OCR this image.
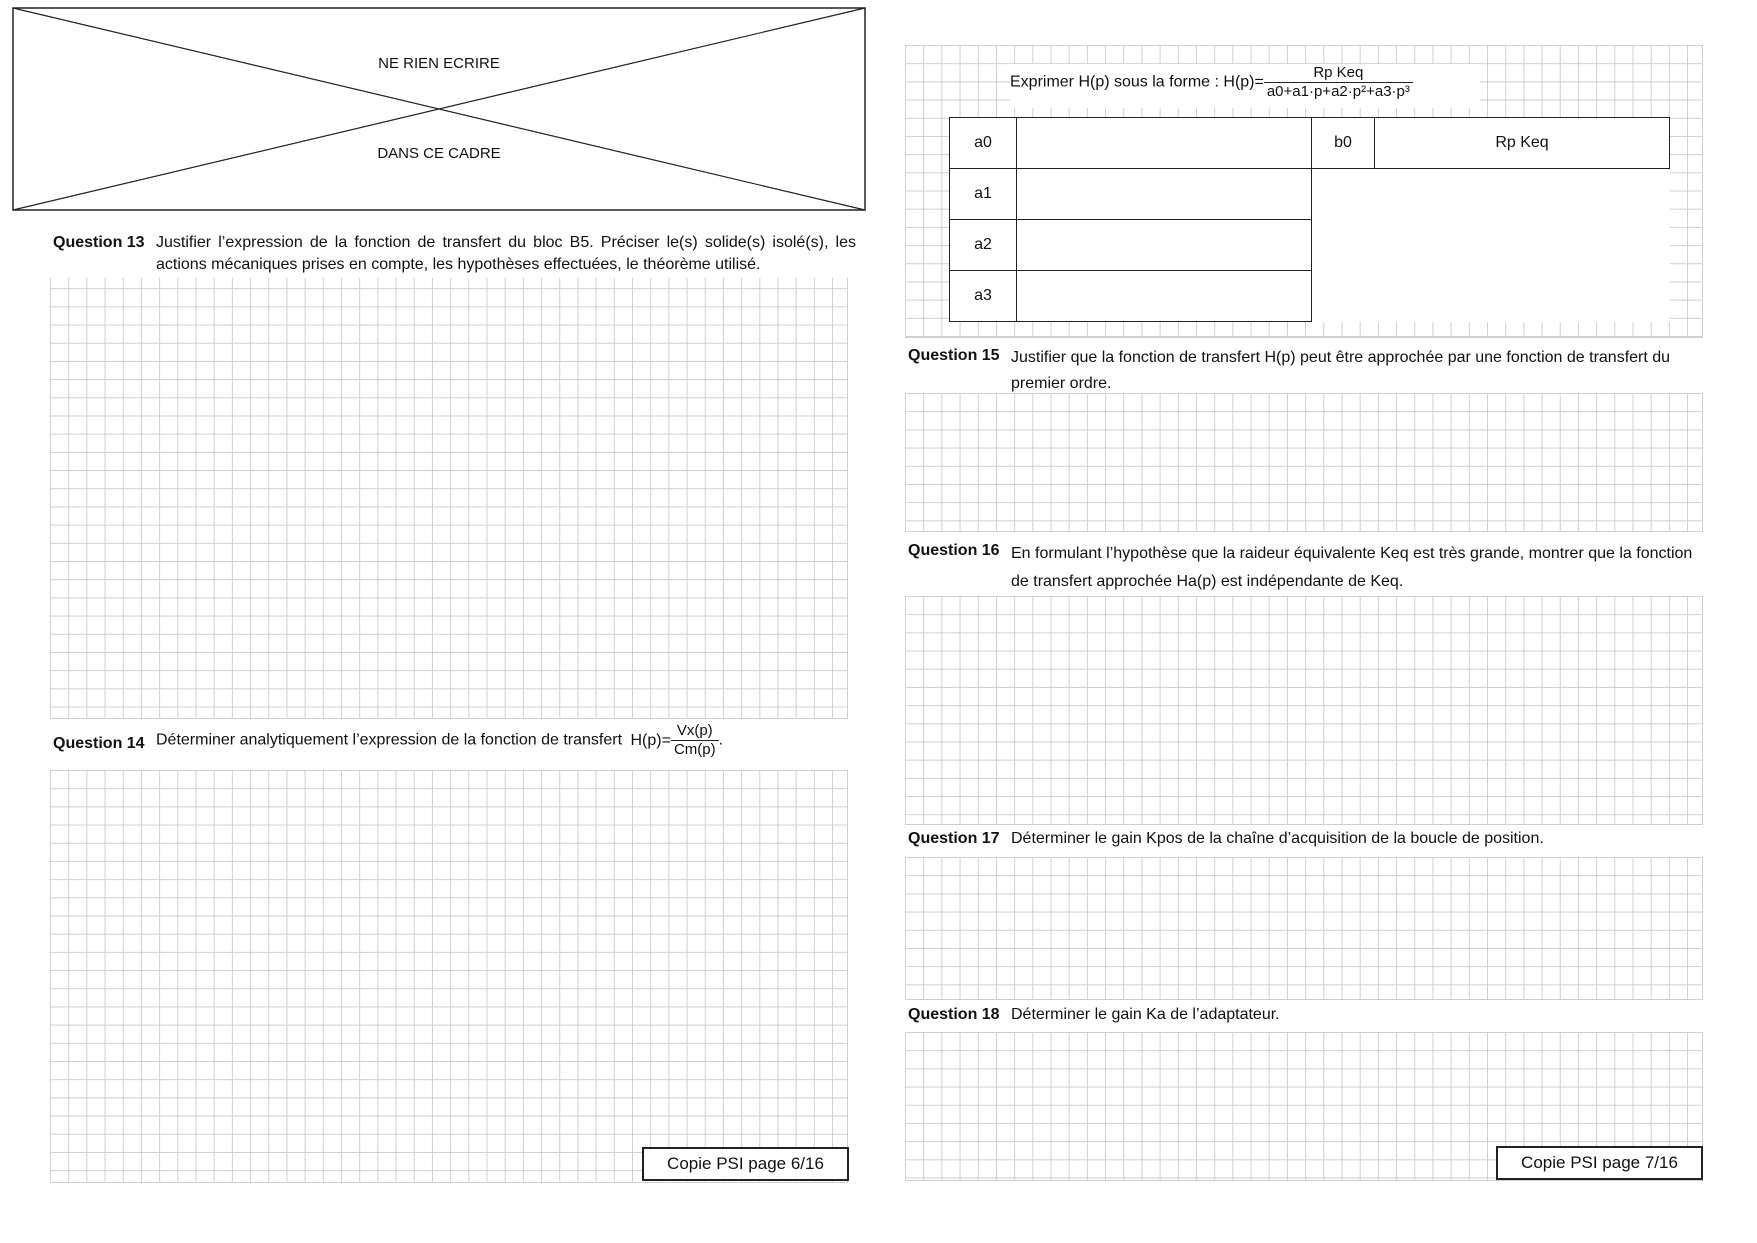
NE RIEN ECRIRE
DANS CE CADRE
Question 13 Justifier l’expression de la fonction de transfert du bloc B5. Préciser le(s) solide(s) isolé(s), les actions mécaniques prises en compte, les hypothèses effectuées, le théorème utilisé.
Question 14 Déterminer analytiquement l’expression de la fonction de transfert $H(p)= \frac{Vx(p)}{Cm(p)}$ .
Copie PSI page 6/16
Exprimer H(p) sous la forme : $H(p)= \frac{\text{Rp Keq}}{\text{a0+a1·p+a2·p²+a3·p³}}$
a0		b0	Rp Keq
a1			
a2			
a3			
Question 15 Justifier que la fonction de transfert H(p) peut être approchée par une fonction de transfert du premier ordre.
Question 16 En formulant l’hypothèse que la raideur équivalente Keq est très grande, montrer que la fonction de transfert approchée Ha(p) est indépendante de Keq.
Question 17 Déterminer le gain Kpos de la chaîne d’acquisition de la boucle de position.
Question 18 Déterminer le gain Ka de l’adaptateur.
Copie PSI page 7/16
